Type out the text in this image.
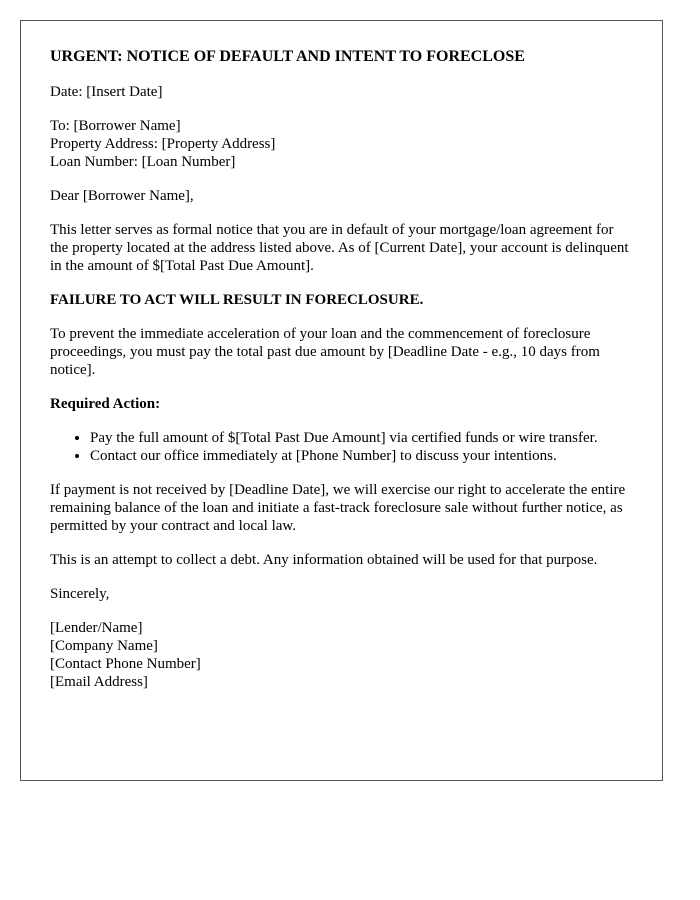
URGENT: NOTICE OF DEFAULT AND INTENT TO FORECLOSE

Date: [Insert Date]

To: [Borrower Name]
Property Address: [Property Address]
Loan Number: [Loan Number]

Dear [Borrower Name],

This letter serves as formal notice that you are in default of your mortgage/loan agreement for the property located at the address listed above. As of [Current Date], your account is delinquent in the amount of $[Total Past Due Amount].

FAILURE TO ACT WILL RESULT IN FORECLOSURE.

To prevent the immediate acceleration of your loan and the commencement of foreclosure proceedings, you must pay the total past due amount by [Deadline Date - e.g., 10 days from notice].

Required Action:

• Pay the full amount of $[Total Past Due Amount] via certified funds or wire transfer.
• Contact our office immediately at [Phone Number] to discuss your intentions.

If payment is not received by [Deadline Date], we will exercise our right to accelerate the entire remaining balance of the loan and initiate a fast-track foreclosure sale without further notice, as permitted by your contract and local law.

This is an attempt to collect a debt. Any information obtained will be used for that purpose.

Sincerely,

[Lender/Name]
[Company Name]
[Contact Phone Number]
[Email Address]
